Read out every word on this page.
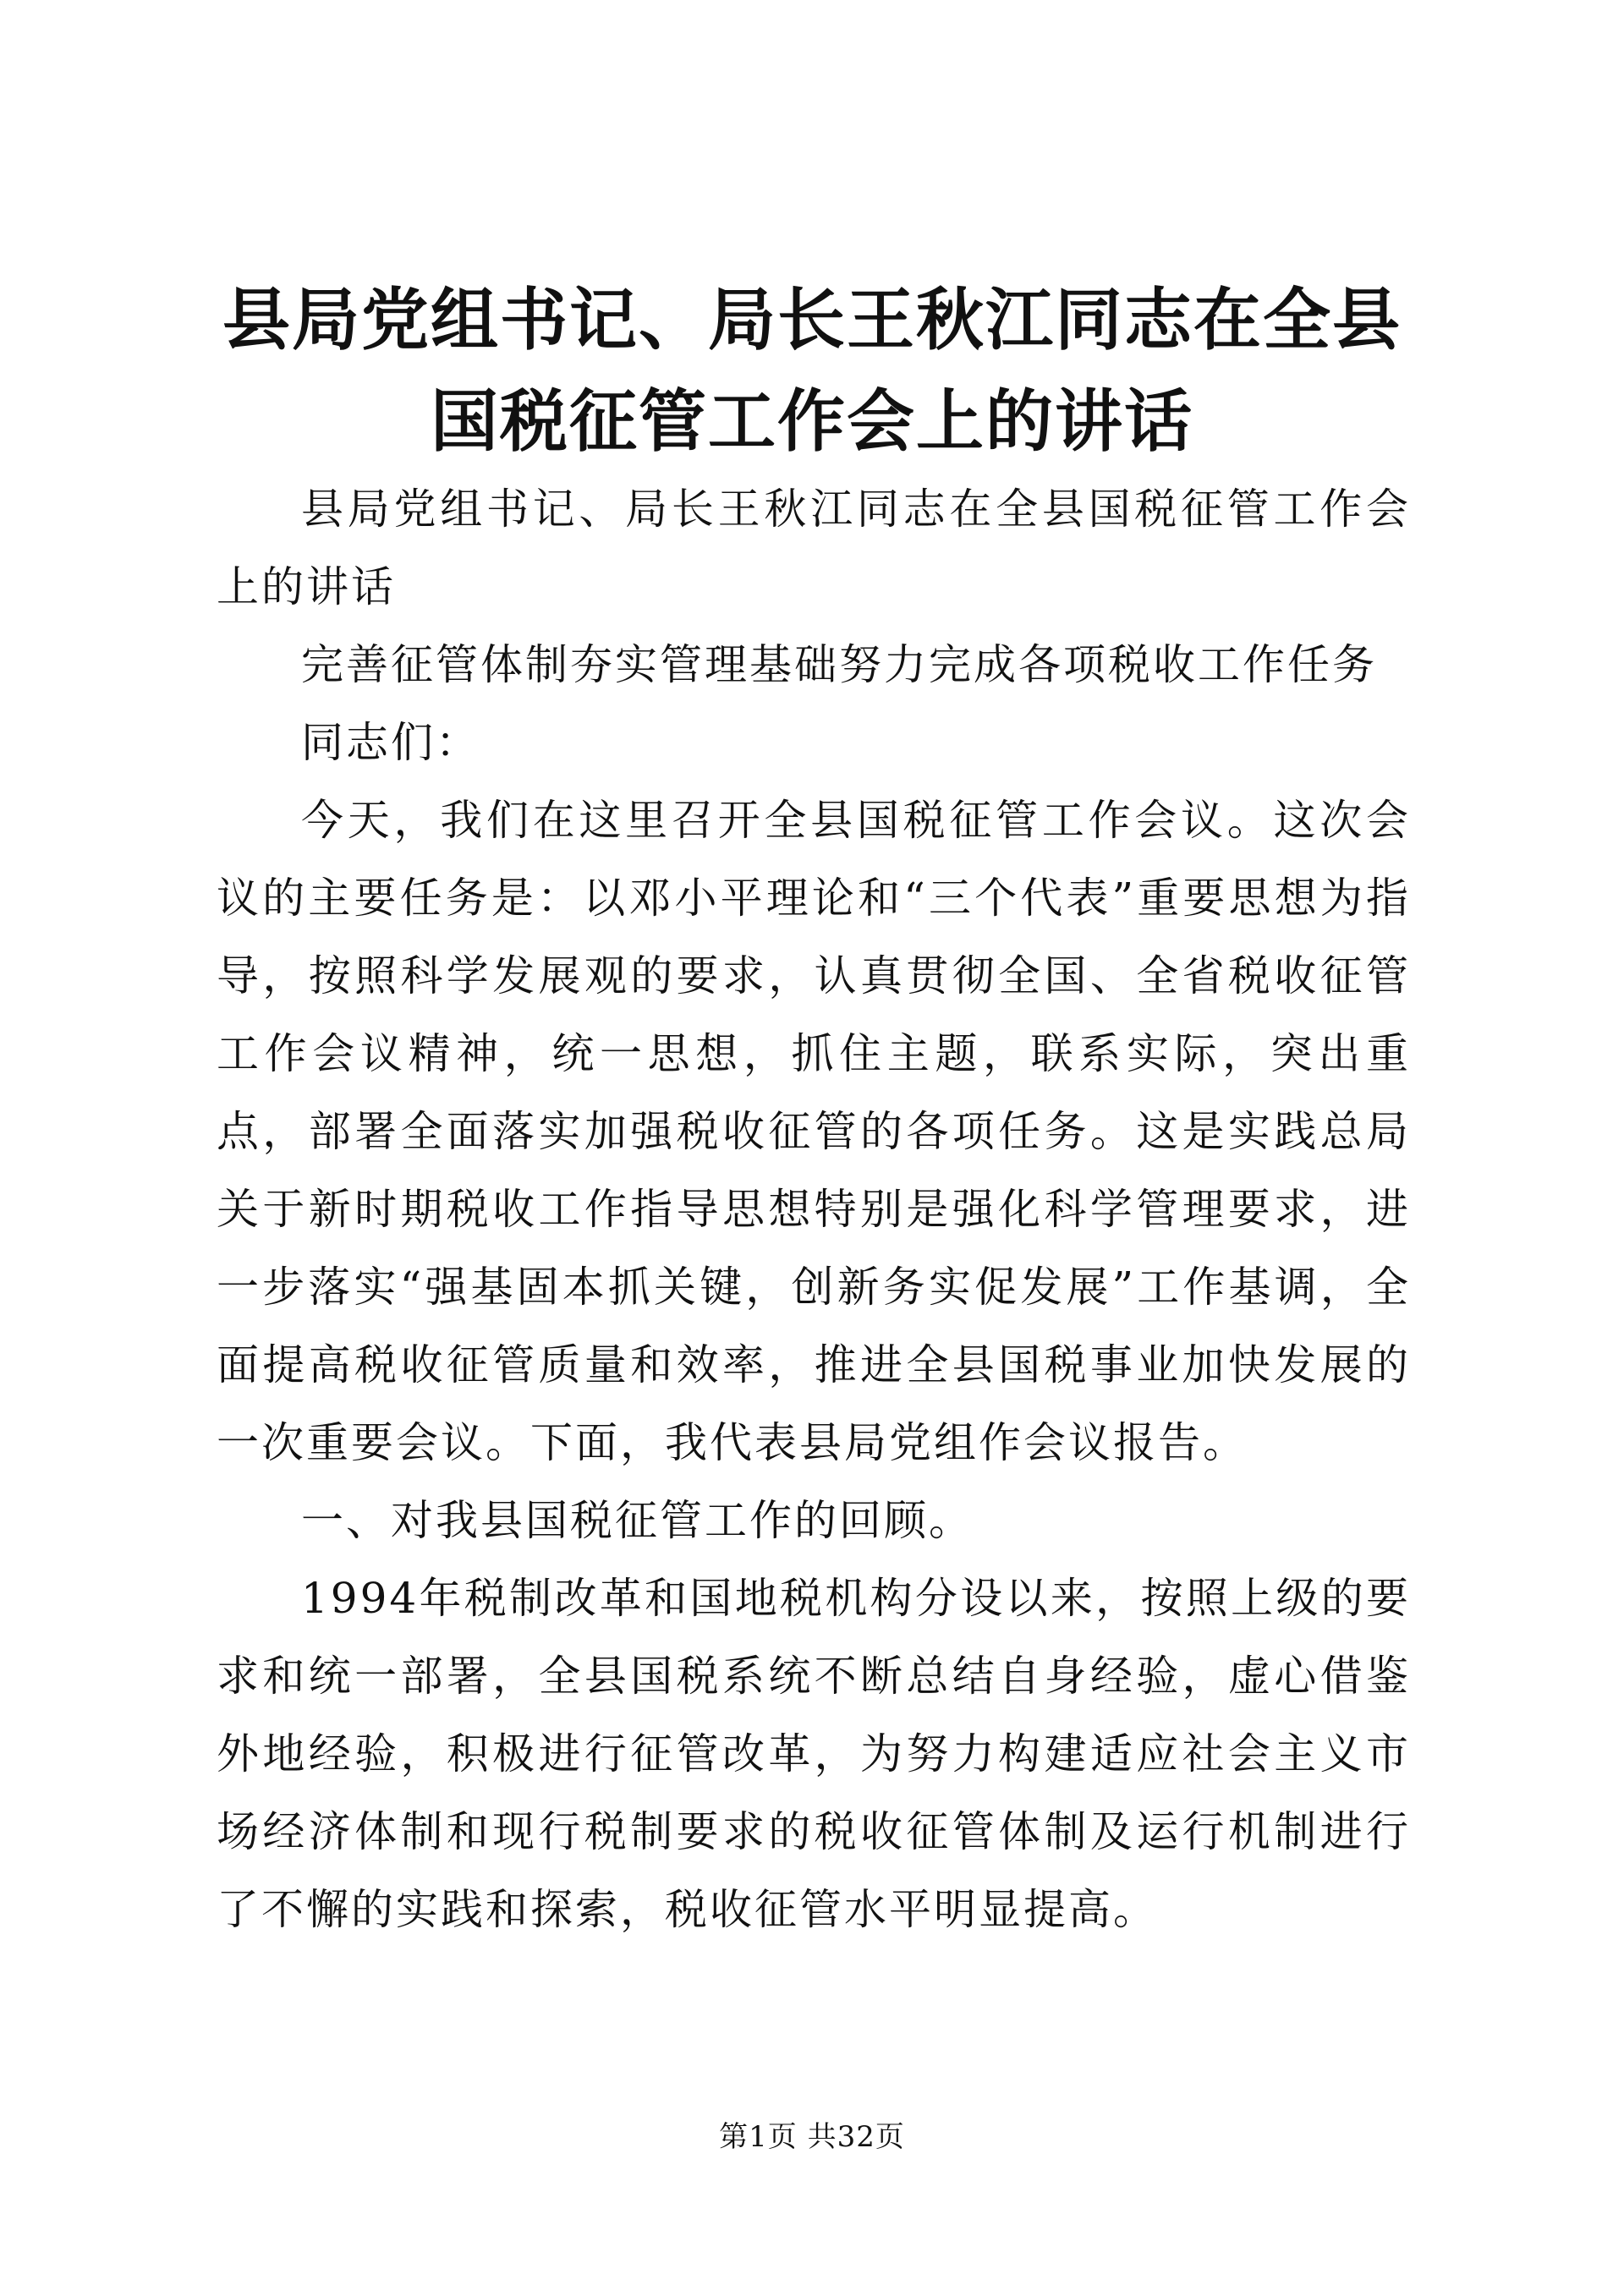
县局党组书记、局长王秋江同志在全县国税征管工作会上的讲话

县局党组书记、局长王秋江同志在全县国税征管工作会上的讲话

完善征管体制夯实管理基础努力完成各项税收工作任务

同志们：

今天，我们在这里召开全县国税征管工作会议。这次会议的主要任务是：以邓小平理论和“三个代表”重要思想为指导，按照科学发展观的要求，认真贯彻全国、全省税收征管工作会议精神，统一思想，抓住主题，联系实际，突出重点，部署全面落实加强税收征管的各项任务。这是实践总局关于新时期税收工作指导思想特别是强化科学管理要求，进一步落实“强基固本抓关键，创新务实促发展”工作基调，全面提高税收征管质量和效率，推进全县国税事业加快发展的一次重要会议。下面，我代表县局党组作会议报告。

一、对我县国税征管工作的回顾。

1994年税制改革和国地税机构分设以来，按照上级的要求和统一部署，全县国税系统不断总结自身经验，虚心借鉴外地经验，积极进行征管改革，为努力构建适应社会主义市场经济体制和现行税制要求的税收征管体制及运行机制进行了不懈的实践和探索，税收征管水平明显提高。

第1页 共32页
